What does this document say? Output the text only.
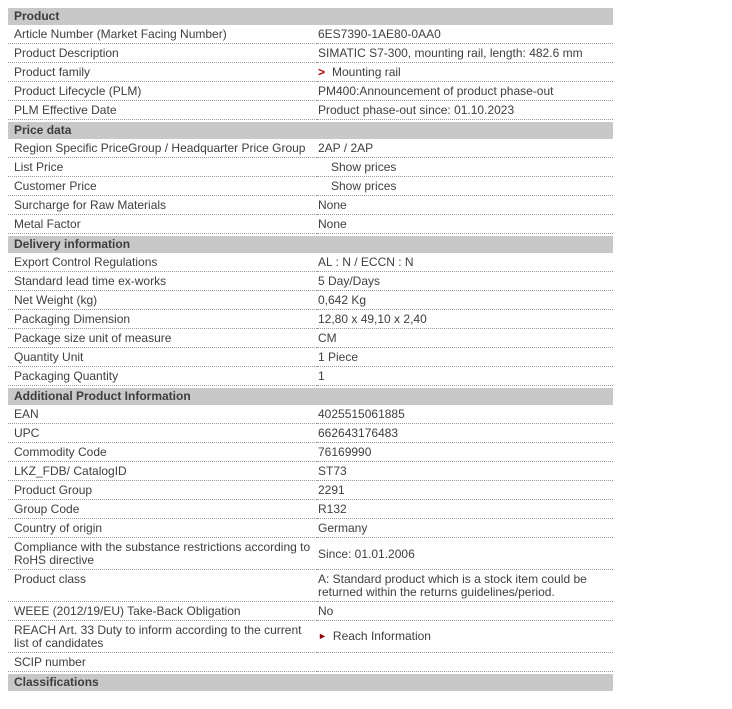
Product
Article Number (Market Facing Number)	6ES7390-1AE80-0AA0
Product Description	SIMATIC S7-300, mounting rail, length: 482.6 mm
Product family	> Mounting rail
Product Lifecycle (PLM)	PM400:Announcement of product phase-out
PLM Effective Date	Product phase-out since: 01.10.2023
Price data
Region Specific PriceGroup / Headquarter Price Group	2AP / 2AP
List Price	Show prices
Customer Price	Show prices
Surcharge for Raw Materials	None
Metal Factor	None
Delivery information
Export Control Regulations	AL : N / ECCN : N
Standard lead time ex-works	5 Day/Days
Net Weight (kg)	0,642 Kg
Packaging Dimension	12,80 x 49,10 x 2,40
Package size unit of measure	CM
Quantity Unit	1 Piece
Packaging Quantity	1
Additional Product Information
EAN	4025515061885
UPC	662643176483
Commodity Code	76169990
LKZ_FDB/ CatalogID	ST73
Product Group	2291
Group Code	R132
Country of origin	Germany
Compliance with the substance restrictions according to RoHS directive	Since: 01.01.2006
Product class	A: Standard product which is a stock item could be returned within the returns guidelines/period.
WEEE (2012/19/EU) Take-Back Obligation	No
REACH Art. 33 Duty to inform according to the current list of candidates	► Reach Information
SCIP number	
Classifications
